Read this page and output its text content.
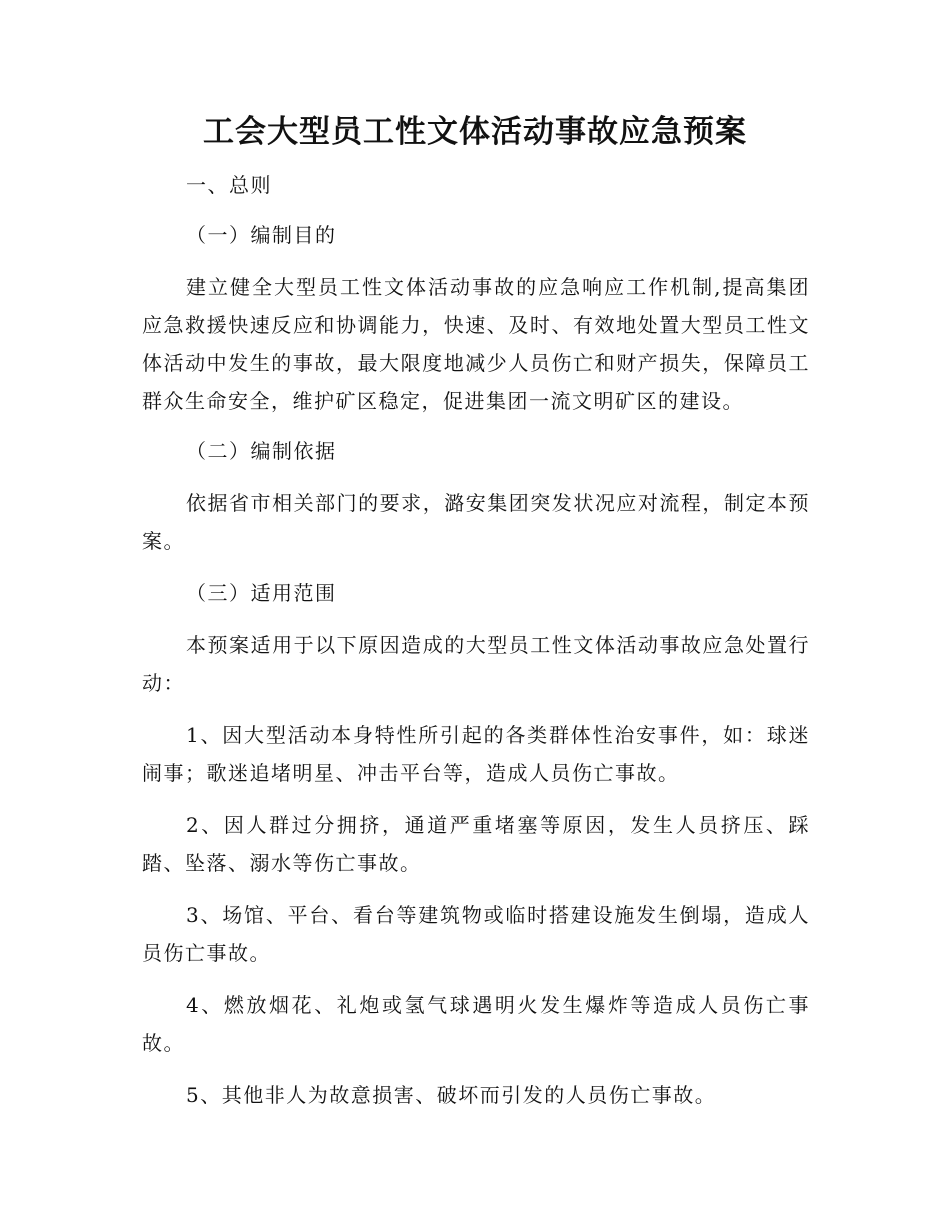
工会大型员工性文体活动事故应急预案

一、总则

（一）编制目的

建立健全大型员工性文体活动事故的应急响应工作机制,提高集团应急救援快速反应和协调能力，快速、及时、有效地处置大型员工性文体活动中发生的事故，最大限度地减少人员伤亡和财产损失，保障员工群众生命安全，维护矿区稳定，促进集团一流文明矿区的建设。

（二）编制依据

依据省市相关部门的要求，潞安集团突发状况应对流程，制定本预案。

（三）适用范围

本预案适用于以下原因造成的大型员工性文体活动事故应急处置行动：

1、因大型活动本身特性所引起的各类群体性治安事件，如：球迷闹事；歌迷追堵明星、冲击平台等，造成人员伤亡事故。

2、因人群过分拥挤，通道严重堵塞等原因，发生人员挤压、踩踏、坠落、溺水等伤亡事故。

3、场馆、平台、看台等建筑物或临时搭建设施发生倒塌，造成人员伤亡事故。

4、燃放烟花、礼炮或氢气球遇明火发生爆炸等造成人员伤亡事故。

5、其他非人为故意损害、破坏而引发的人员伤亡事故。
